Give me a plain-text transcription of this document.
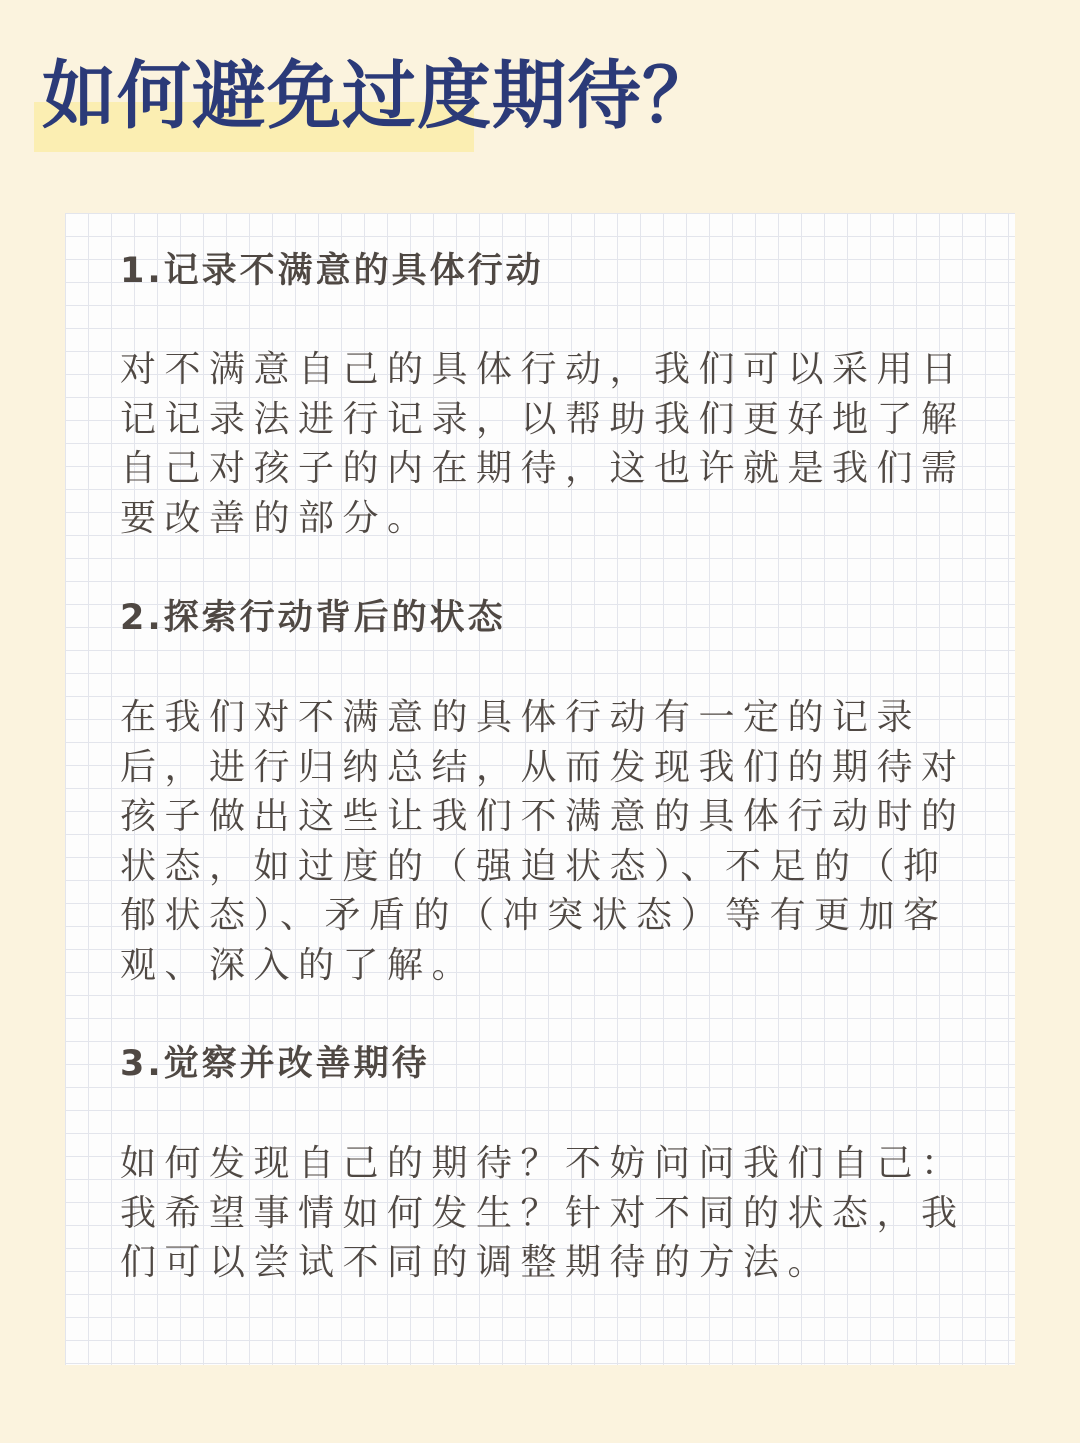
如何避免过度期待？
1.记录不满意的具体行动

对不满意自己的具体行动，我们可以采用日记记录法进行记录，以帮助我们更好地了解自己对孩子的内在期待，这也许就是我们需要改善的部分。

2.探索行动背后的状态

在我们对不满意的具体行动有一定的记录后，进行归纳总结，从而发现我们的期待对孩子做出这些让我们不满意的具体行动时的状态，如过度的（强迫状态）、不足的（抑郁状态）、矛盾的（冲突状态）等有更加客观、深入的了解。

3.觉察并改善期待

如何发现自己的期待？不妨问问我们自己：我希望事情如何发生？针对不同的状态，我们可以尝试不同的调整期待的方法。
